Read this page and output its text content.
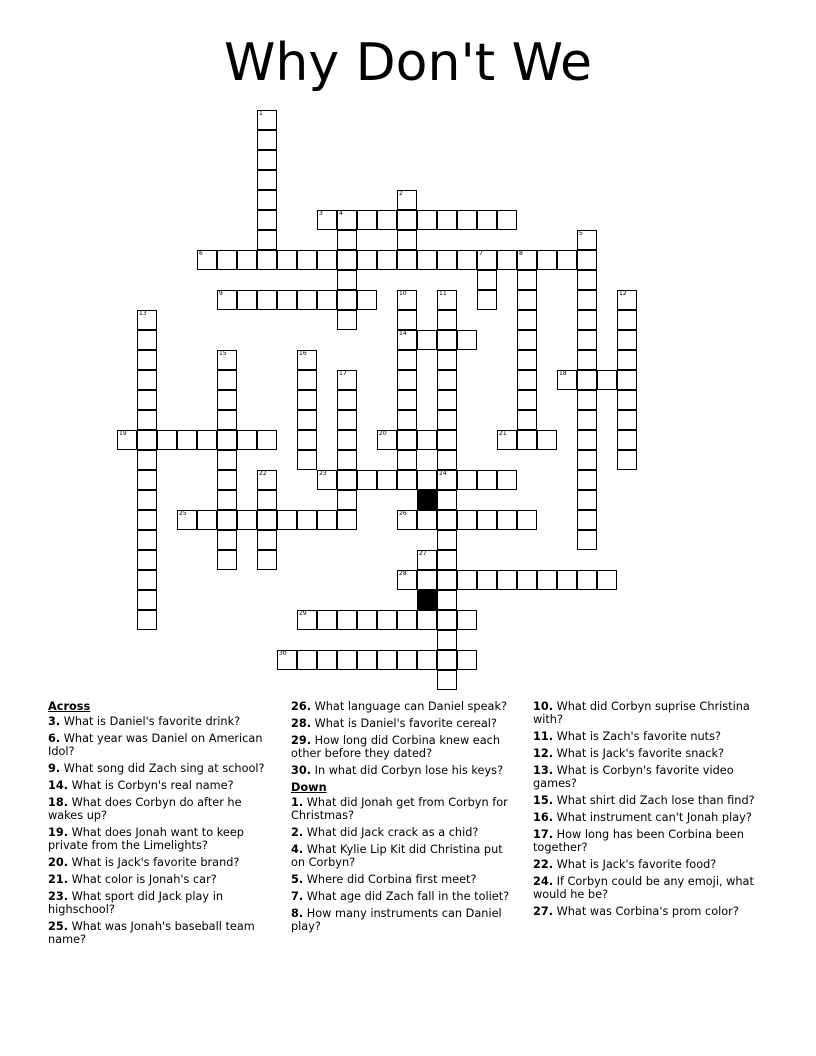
Why Don't We
3	4
6	7	8
9
14
18
19	20	21
23	24
25	26
28
29
30
1
2
5
10	11	12
13
15	16
17
22
27
Across
3. What is Daniel's favorite drink?
6. What year was Daniel on American Idol?
9. What song did Zach sing at school?
14. What is Corbyn's real name?
18. What does Corbyn do after he wakes up?
19. What does Jonah want to keep private from the Limelights?
20. What is Jack's favorite brand?
21. What color is Jonah's car?
23. What sport did Jack play in highschool?
25. What was Jonah's baseball team name?
26. What language can Daniel speak?
28. What is Daniel's favorite cereal?
29. How long did Corbina knew each other before they dated?
30. In what did Corbyn lose his keys?
Down
1. What did Jonah get from Corbyn for Christmas?
2. What did Jack crack as a chid?
4. What Kylie Lip Kit did Christina put on Corbyn?
5. Where did Corbina first meet?
7. What age did Zach fall in the toliet?
8. How many instruments can Daniel play?
10. What did Corbyn suprise Christina with?
11. What is Zach's favorite nuts?
12. What is Jack's favorite snack?
13. What is Corbyn's favorite video games?
15. What shirt did Zach lose than find?
16. What instrument can't Jonah play?
17. How long has been Corbina been together?
22. What is Jack's favorite food?
24. If Corbyn could be any emoji, what would he be?
27. What was Corbina's prom color?
